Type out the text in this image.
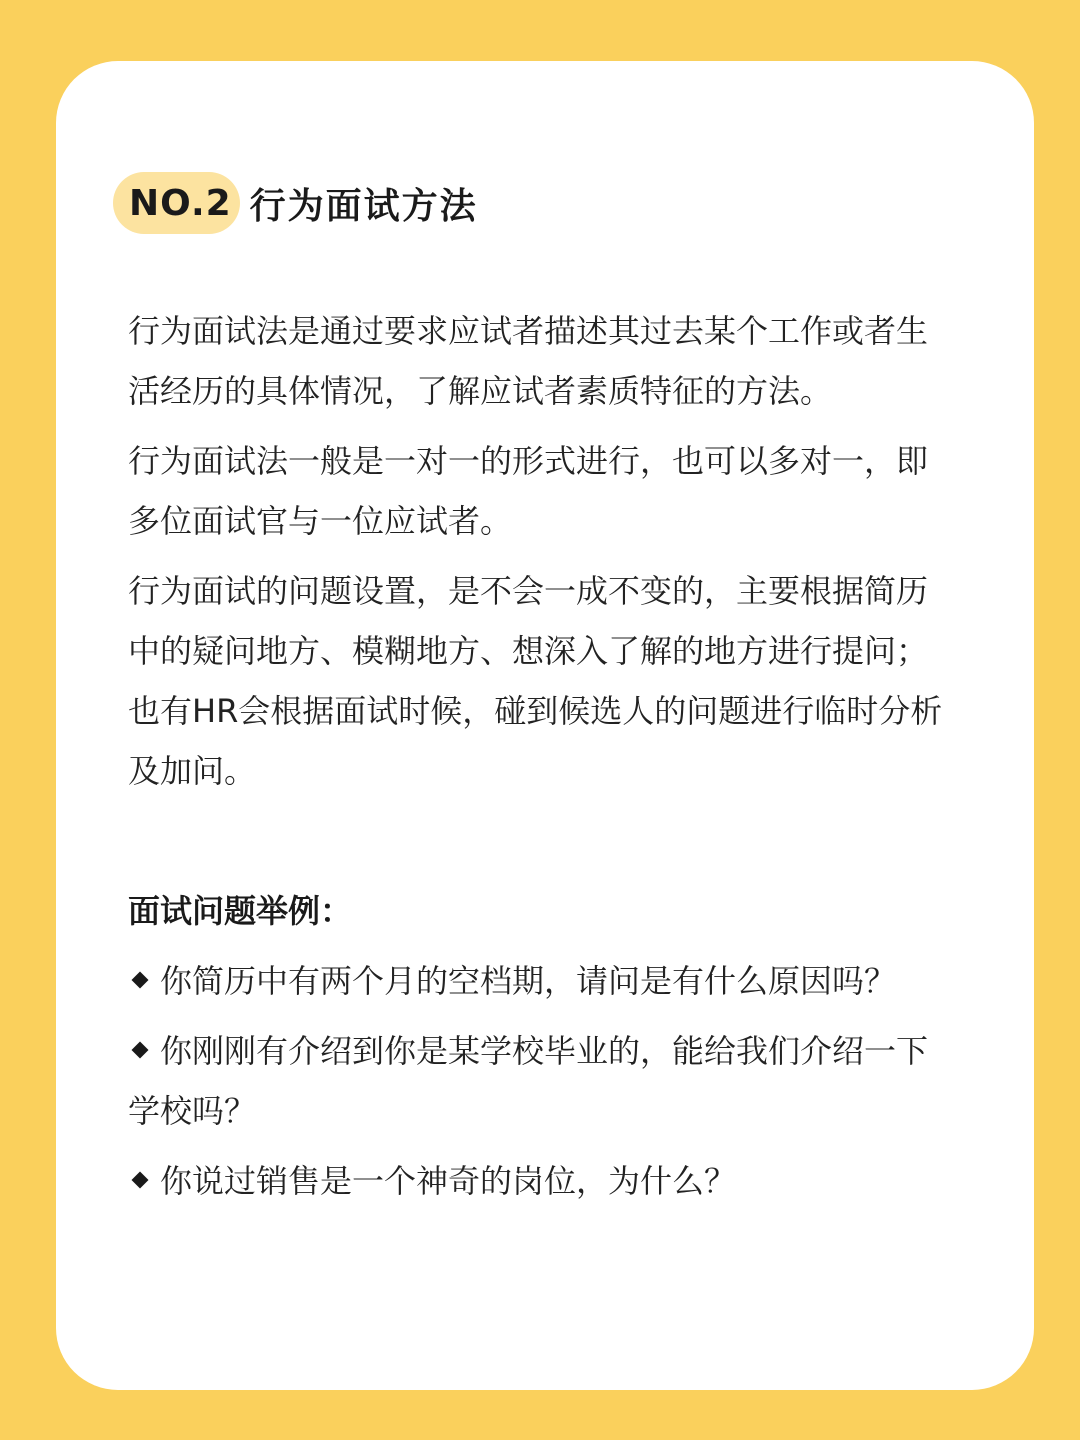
NO.2 行为面试方法

行为面试法是通过要求应试者描述其过去某个工作或者生活经历的具体情况，了解应试者素质特征的方法。

行为面试法一般是一对一的形式进行，也可以多对一，即多位面试官与一位应试者。

行为面试的问题设置，是不会一成不变的，主要根据简历中的疑问地方、模糊地方、想深入了解的地方进行提问；也有HR会根据面试时候，碰到候选人的问题进行临时分析及加问。

面试问题举例：
你简历中有两个月的空档期，请问是有什么原因吗？
你刚刚有介绍到你是某学校毕业的，能给我们介绍一下学校吗？
你说过销售是一个神奇的岗位，为什么？
